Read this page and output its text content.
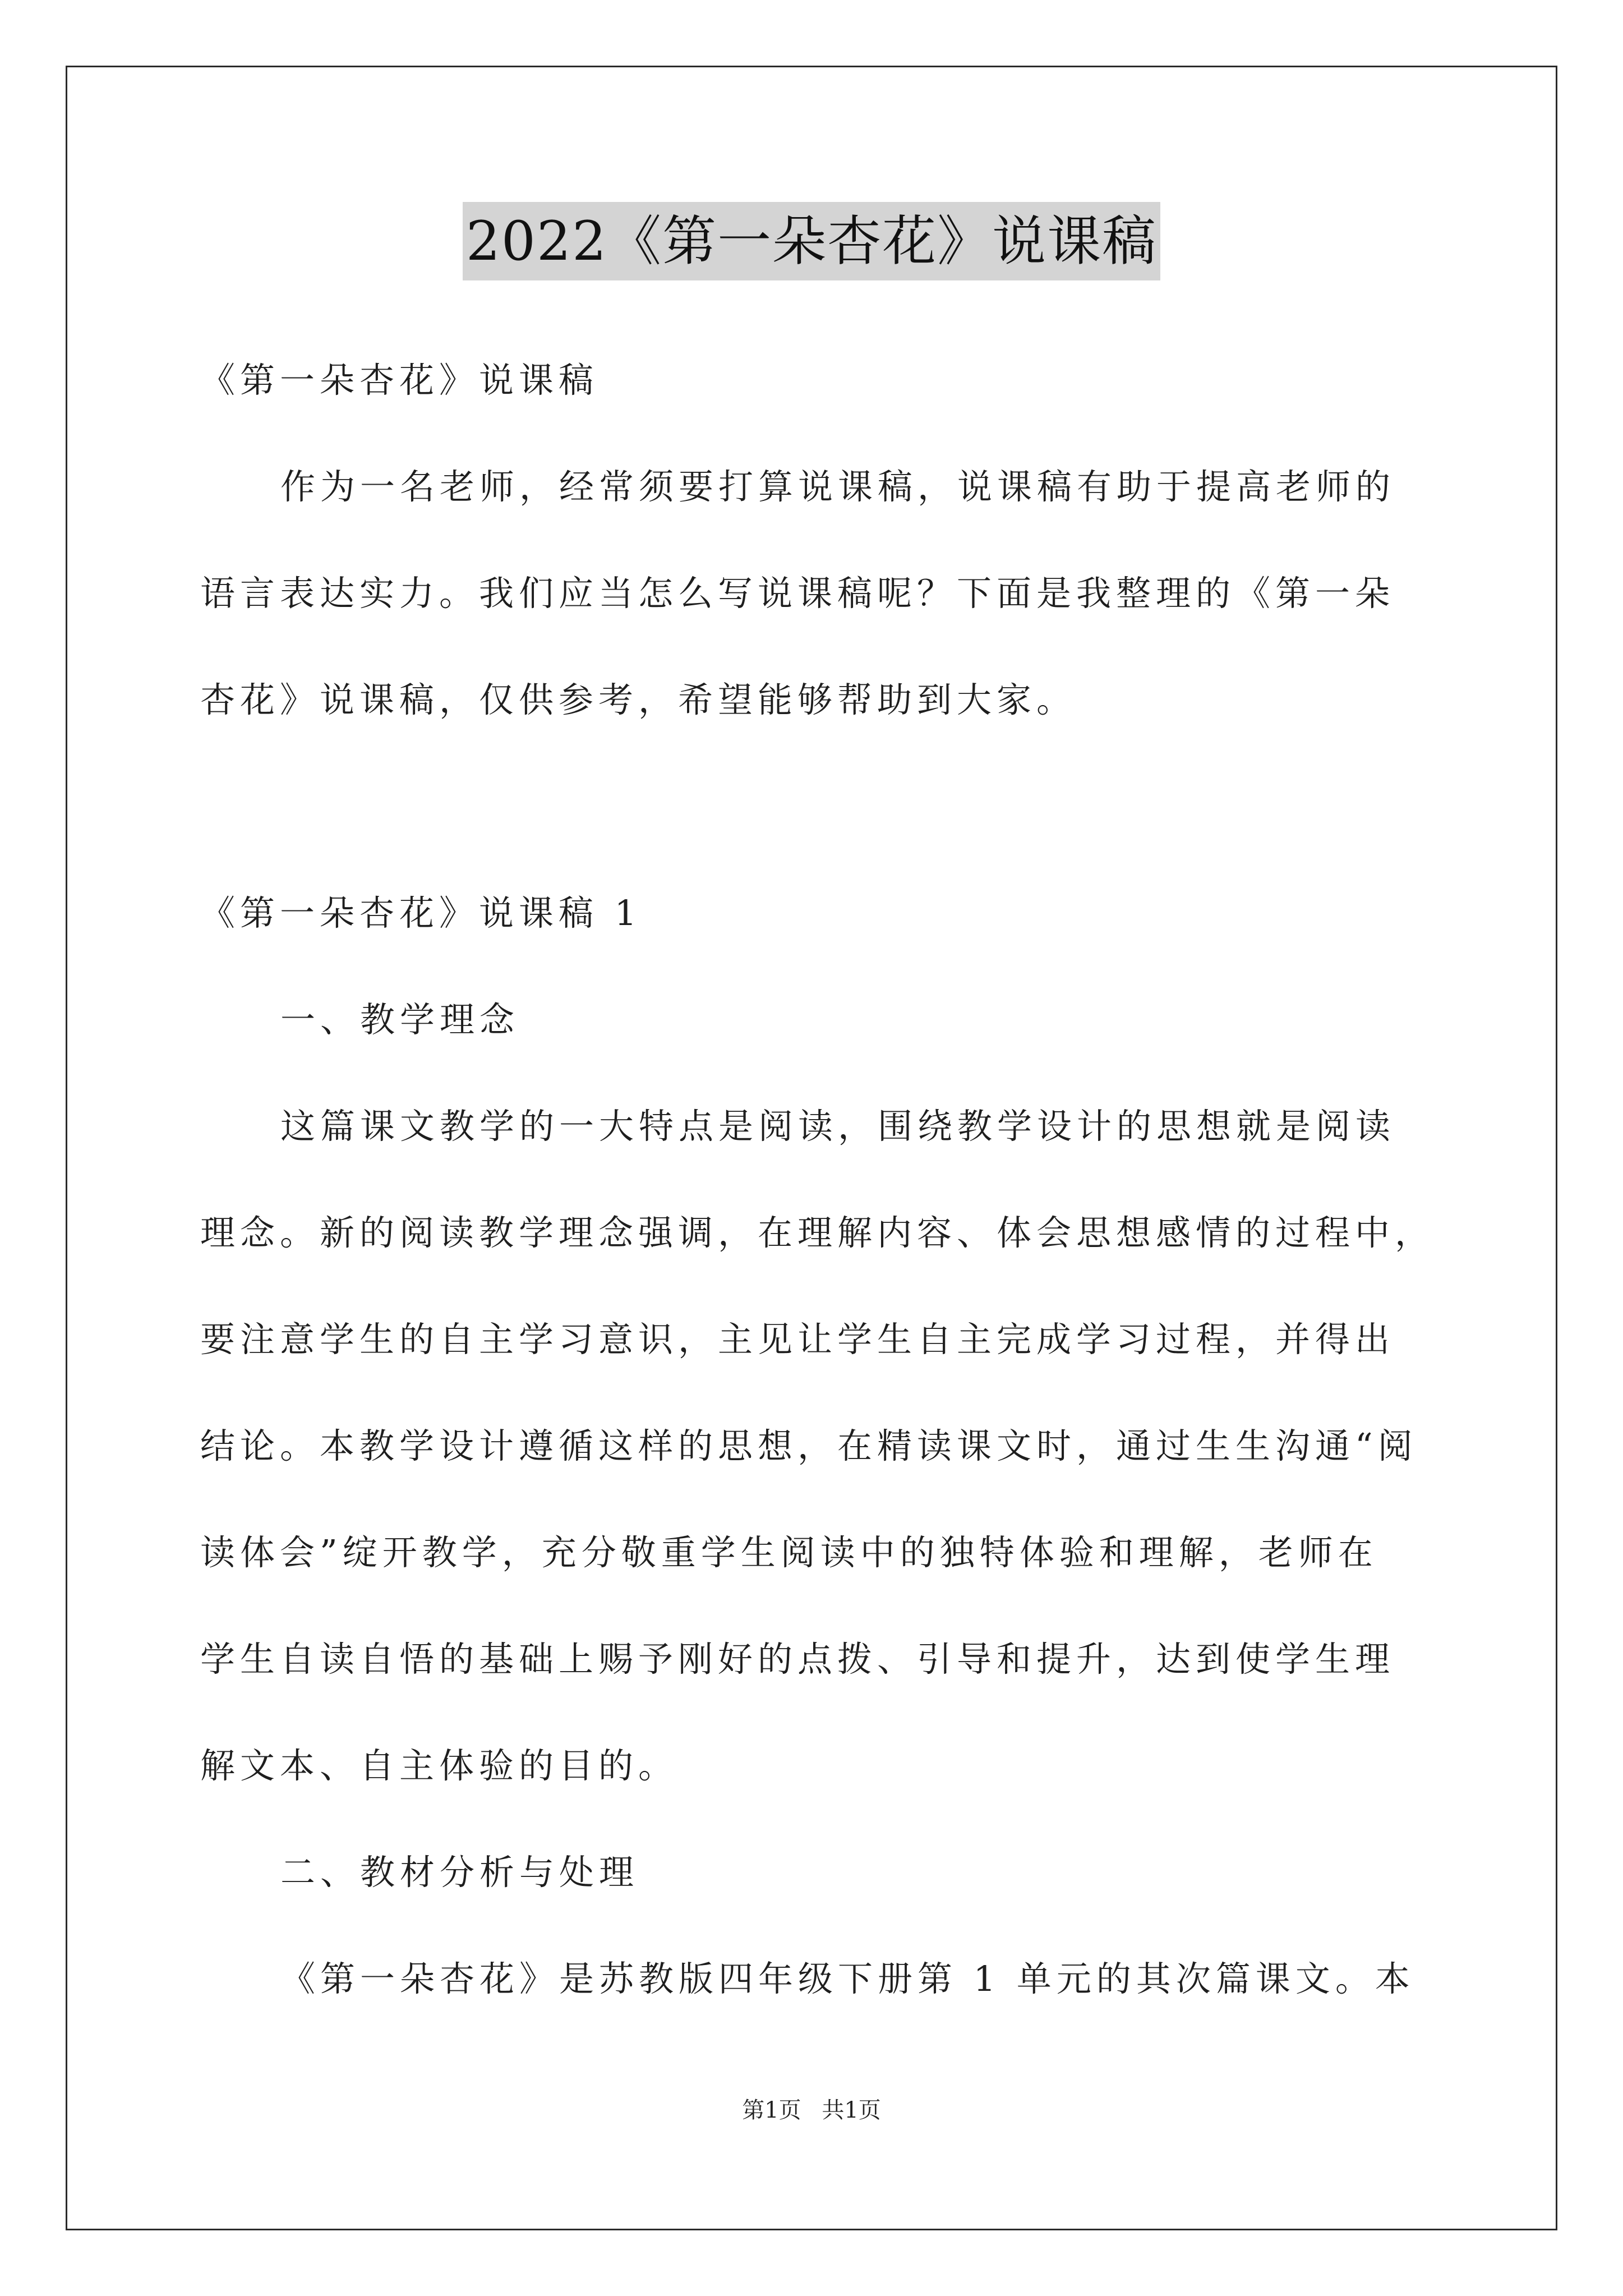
2022《第一朵杏花》说课稿
《第一朵杏花》说课稿
作为一名老师，经常须要打算说课稿，说课稿有助于提高老师的
语言表达实力。我们应当怎么写说课稿呢？下面是我整理的《第一朵
杏花》说课稿，仅供参考，希望能够帮助到大家。
《第一朵杏花》说课稿 1
一、教学理念
这篇课文教学的一大特点是阅读，围绕教学设计的思想就是阅读
理念。新的阅读教学理念强调，在理解内容、体会思想感情的过程中，
要注意学生的自主学习意识，主见让学生自主完成学习过程，并得出
结论。本教学设计遵循这样的思想，在精读课文时，通过生生沟通“阅
读体会”绽开教学，充分敬重学生阅读中的独特体验和理解，老师在
学生自读自悟的基础上赐予刚好的点拨、引导和提升，达到使学生理
解文本、自主体验的目的。
二、教材分析与处理
《第一朵杏花》是苏教版四年级下册第 1 单元的其次篇课文。本
第1页 共1页
